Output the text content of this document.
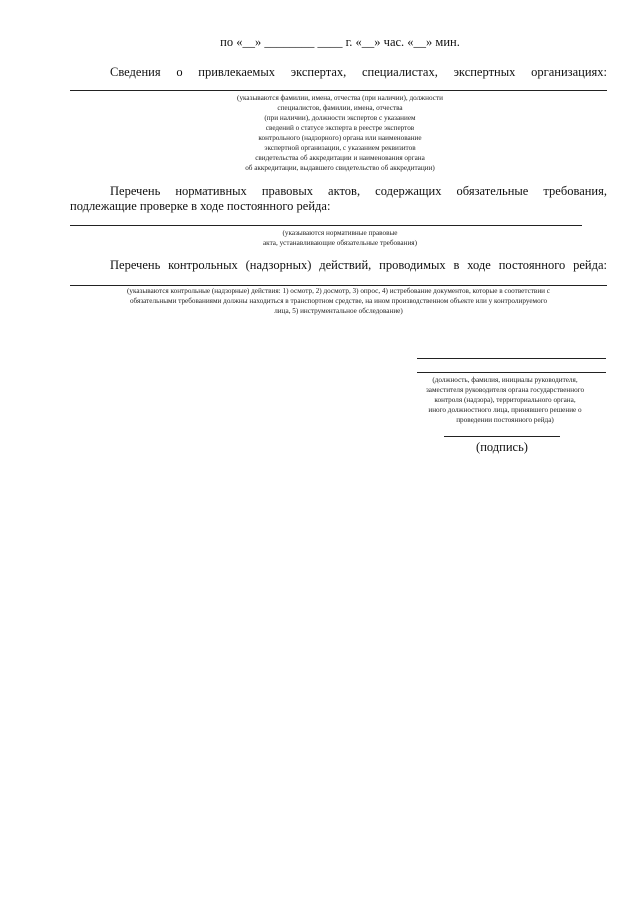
по «__» ________ ____ г. «__» час. «__» мин.
Сведения о привлекаемых экспертах, специалистах, экспертных организациях:
(указываются фамилии, имена, отчества (при наличии), должности
специалистов, фамилии, имена, отчества
(при наличии), должности экспертов с указанием
сведений о статусе эксперта в реестре экспертов
контрольного (надзорного) органа или наименование
экспертной организации, с указанием реквизитов
свидетельства об аккредитации и наименования органа
об аккредитации, выдавшего свидетельство об аккредитации)
Перечень нормативных правовых актов, содержащих обязательные требования,
подлежащие проверке в ходе постоянного рейда:
(указываются нормативные правовые
акта, устанавливающие обязательные требования)
Перечень контрольных (надзорных) действий, проводимых в ходе постоянного рейда:
(указываются контрольные (надзорные) действия: 1) осмотр, 2) досмотр, 3) опрос, 4) истребование документов, которые в соответствии с
обязательными требованиями должны находиться в транспортном средстве, на ином производственном объекте или у контролируемого
лица, 5) инструментальное обследование)
(должность, фамилия, инициалы руководителя,
заместителя руководителя органа государственного
контроля (надзора), территориального органа,
иного должностного лица, принявшего решение о
проведении постоянного рейда)
(подпись)
